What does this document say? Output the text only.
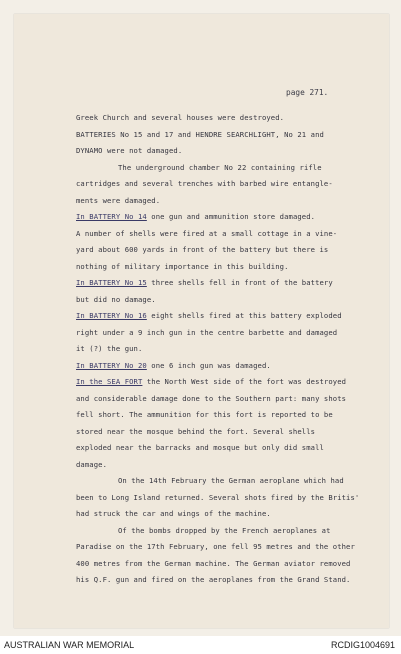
page 271.
Greek Church and several houses were destroyed.
BATTERIES No 15 and 17 and HENDRE SEARCHLIGHT, No 21 and
DYNAMO were not damaged.
The underground chamber No 22 containing rifle
cartridges and several trenches with barbed wire entangle-
ments were damaged.
In BATTERY No 14 one gun and ammunition store damaged.
A number of shells were fired at a small cottage in a vine-
yard about 600 yards in front of the battery but there is
nothing of military importance in this building.
In BATTERY No 15 three shells fell in front of the battery
but did no damage.
In BATTERY No 16 eight shells fired at this battery exploded
right under a 9 inch gun in the centre barbette and damaged
it (?) the gun.
In BATTERY No 20 one 6 inch gun was damaged.
In the SEA FORT the North West side of the fort was destroyed
and considerable damage done to the Southern part: many shots
fell short. The ammunition for this fort is reported to be
stored near the mosque behind the fort. Several shells
exploded near the barracks and mosque but only did small
damage.
On the 14th February the German aeroplane which had
been to Long Island returned. Several shots fired by the Britis'
had struck the car and wings of the machine.
Of the bombs dropped by the French aeroplanes at
Paradise on the 17th February, one fell 95 metres and the other
400 metres from the German machine. The German aviator removed
his Q.F. gun and fired on the aeroplanes from the Grand Stand.
AUSTRALIAN WAR MEMORIAL	RCDIG1004691
